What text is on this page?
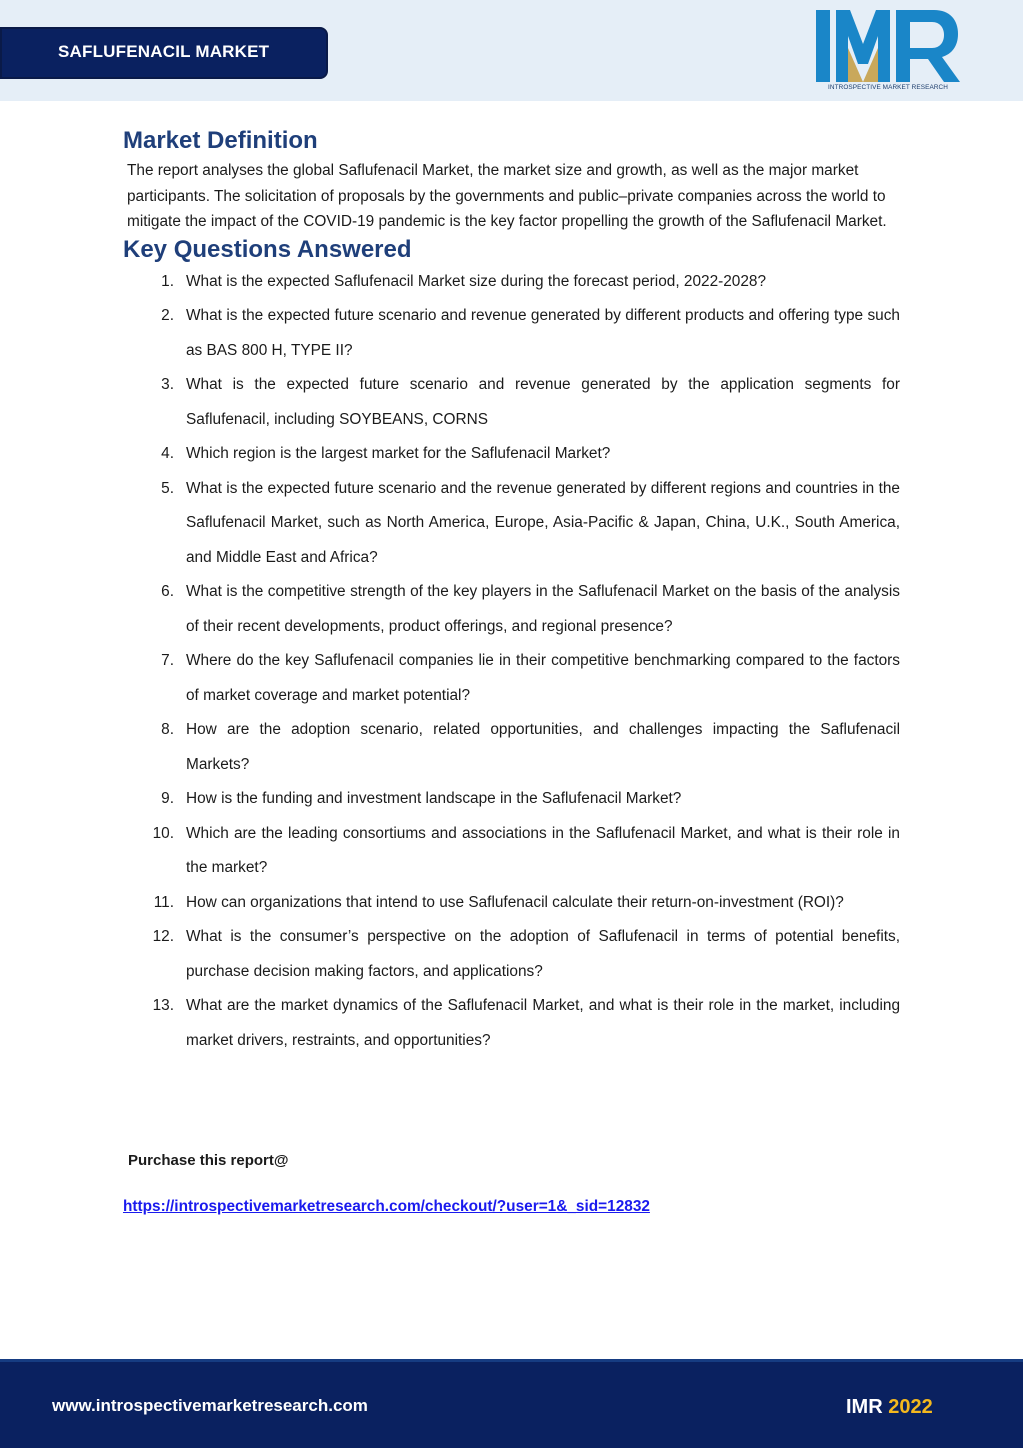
SAFLUFENACIL MARKET
INTROSPECTIVE MARKET RESEARCH
Market Definition
The report analyses the global Saflufenacil Market, the market size and growth, as well as the major market participants. The solicitation of proposals by the governments and public–private companies across the world to mitigate the impact of the COVID-19 pandemic is the key factor propelling the growth of the Saflufenacil Market.
Key Questions Answered
1. What is the expected Saflufenacil Market size during the forecast period, 2022-2028?
2. What is the expected future scenario and revenue generated by different products and offering type such as BAS 800 H, TYPE II?
3. What is the expected future scenario and revenue generated by the application segments for Saflufenacil, including SOYBEANS, CORNS
4. Which region is the largest market for the Saflufenacil Market?
5. What is the expected future scenario and the revenue generated by different regions and countries in the Saflufenacil Market, such as North America, Europe, Asia-Pacific & Japan, China, U.K., South America, and Middle East and Africa?
6. What is the competitive strength of the key players in the Saflufenacil Market on the basis of the analysis of their recent developments, product offerings, and regional presence?
7. Where do the key Saflufenacil companies lie in their competitive benchmarking compared to the factors of market coverage and market potential?
8. How are the adoption scenario, related opportunities, and challenges impacting the Saflufenacil Markets?
9. How is the funding and investment landscape in the Saflufenacil Market?
10. Which are the leading consortiums and associations in the Saflufenacil Market, and what is their role in the market?
11. How can organizations that intend to use Saflufenacil calculate their return-on-investment (ROI)?
12. What is the consumer’s perspective on the adoption of Saflufenacil in terms of potential benefits, purchase decision making factors, and applications?
13. What are the market dynamics of the Saflufenacil Market, and what is their role in the market, including market drivers, restraints, and opportunities?
Purchase this report@
https://introspectivemarketresearch.com/checkout/?user=1&_sid=12832
www.introspectivemarketresearch.com	IMR 2022
